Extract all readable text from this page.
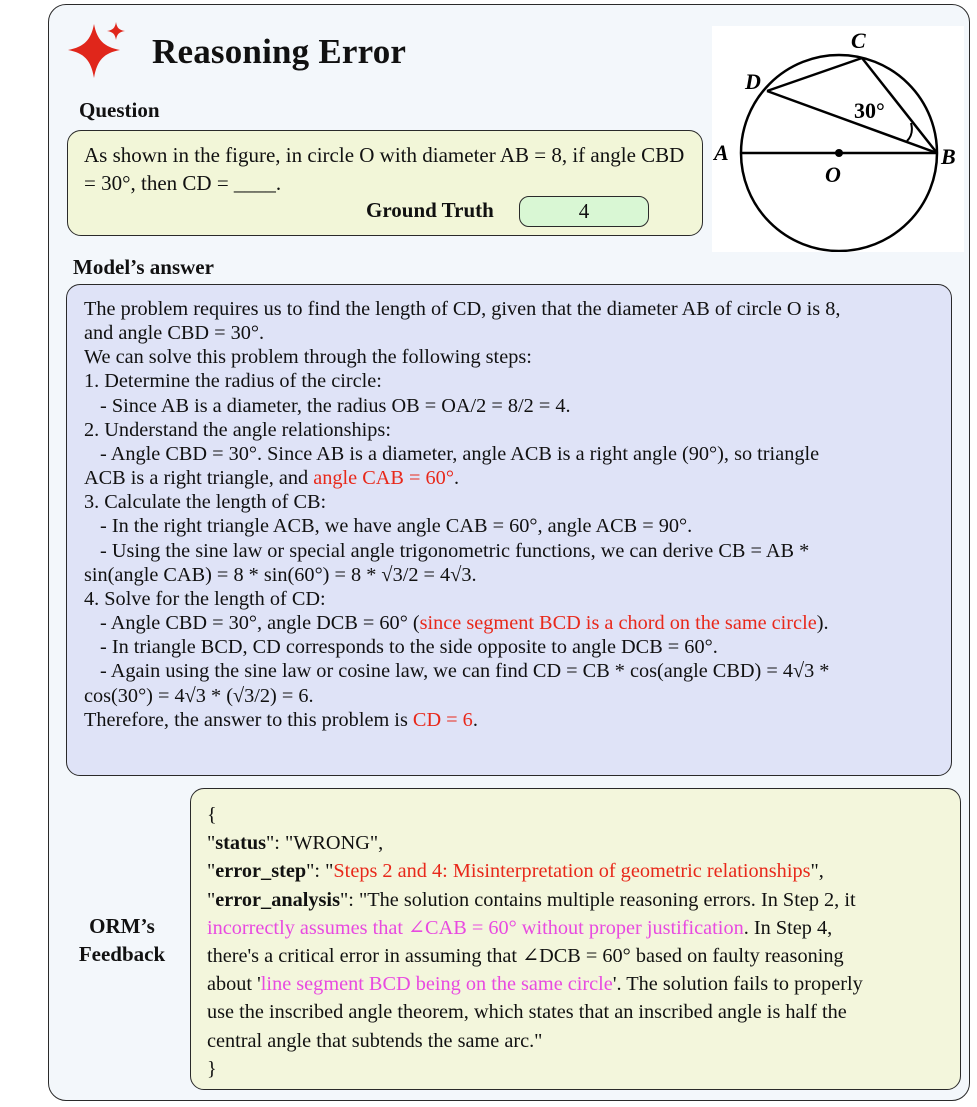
Reasoning Error
Question
As shown in the figure, in circle O with diameter AB = 8, if angle CBD = 30°, then CD = ____.
Ground Truth	4
A	B
C
D
O
30°
Model’s answer
The problem requires us to find the length of CD, given that the diameter AB of circle O is 8,
and angle CBD = 30°.
We can solve this problem through the following steps:
1. Determine the radius of the circle:
- Since AB is a diameter, the radius OB = OA/2 = 8/2 = 4.
2. Understand the angle relationships:
- Angle CBD = 30°. Since AB is a diameter, angle ACB is a right angle (90°), so triangle
ACB is a right triangle, and angle CAB = 60°.
3. Calculate the length of CB:
- In the right triangle ACB, we have angle CAB = 60°, angle ACB = 90°.
- Using the sine law or special angle trigonometric functions, we can derive CB = AB *
sin(angle CAB) = 8 * sin(60°) = 8 * √3/2 = 4√3.
4. Solve for the length of CD:
- Angle CBD = 30°, angle DCB = 60° (since segment BCD is a chord on the same circle).
- In triangle BCD, CD corresponds to the side opposite to angle DCB = 60°.
- Again using the sine law or cosine law, we can find CD = CB * cos(angle CBD) = 4√3 *
cos(30°) = 4√3 * (√3/2) = 6.
Therefore, the answer to this problem is CD = 6.
ORM’s
Feedback
{
"status": "WRONG",
"error_step": "Steps 2 and 4: Misinterpretation of geometric relationships",
"error_analysis": "The solution contains multiple reasoning errors. In Step 2, it
incorrectly assumes that ∠CAB = 60° without proper justification. In Step 4,
there's a critical error in assuming that ∠DCB = 60° based on faulty reasoning
about 'line segment BCD being on the same circle'. The solution fails to properly
use the inscribed angle theorem, which states that an inscribed angle is half the
central angle that subtends the same arc."
}
